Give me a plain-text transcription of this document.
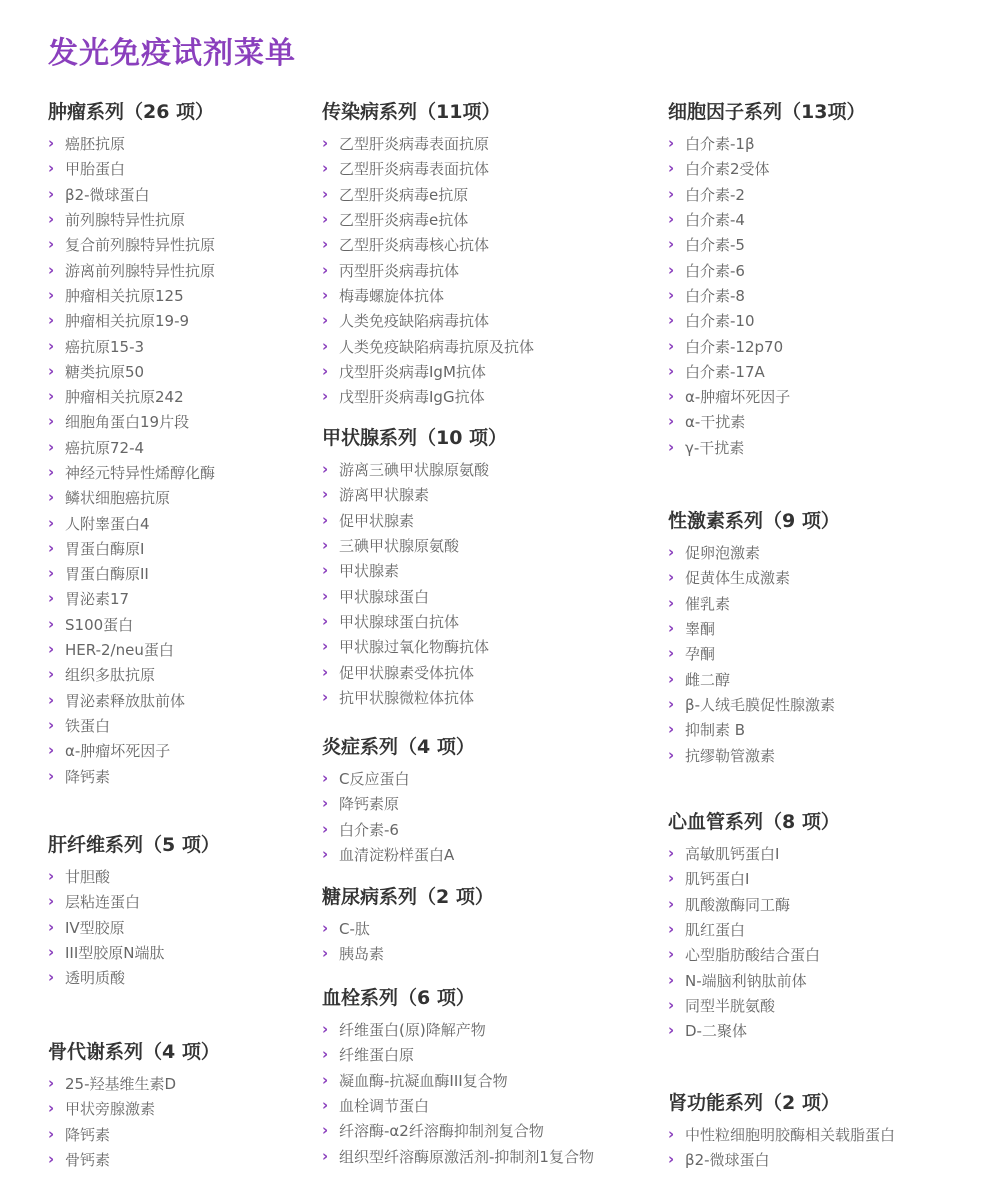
发光免疫试剂菜单
肿瘤系列（26 项）
› 癌胚抗原
› 甲胎蛋白
› β2-微球蛋白
› 前列腺特异性抗原
› 复合前列腺特异性抗原
› 游离前列腺特异性抗原
› 肿瘤相关抗原125
› 肿瘤相关抗原19-9
› 癌抗原15-3
› 糖类抗原50
› 肿瘤相关抗原242
› 细胞角蛋白19片段
› 癌抗原72-4
› 神经元特异性烯醇化酶
› 鳞状细胞癌抗原
› 人附睾蛋白4
› 胃蛋白酶原I
› 胃蛋白酶原II
› 胃泌素17
› S100蛋白
› HER-2/neu蛋白
› 组织多肽抗原
› 胃泌素释放肽前体
› 铁蛋白
› α-肿瘤坏死因子
› 降钙素
肝纤维系列（5 项）
› 甘胆酸
› 层粘连蛋白
› IV型胶原
› III型胶原N端肽
› 透明质酸
骨代谢系列（4 项）
› 25-羟基维生素D
› 甲状旁腺激素
› 降钙素
› 骨钙素
传染病系列（11项）
› 乙型肝炎病毒表面抗原
› 乙型肝炎病毒表面抗体
› 乙型肝炎病毒e抗原
› 乙型肝炎病毒e抗体
› 乙型肝炎病毒核心抗体
› 丙型肝炎病毒抗体
› 梅毒螺旋体抗体
› 人类免疫缺陷病毒抗体
› 人类免疫缺陷病毒抗原及抗体
› 戊型肝炎病毒IgM抗体
› 戊型肝炎病毒IgG抗体
甲状腺系列（10 项）
› 游离三碘甲状腺原氨酸
› 游离甲状腺素
› 促甲状腺素
› 三碘甲状腺原氨酸
› 甲状腺素
› 甲状腺球蛋白
› 甲状腺球蛋白抗体
› 甲状腺过氧化物酶抗体
› 促甲状腺素受体抗体
› 抗甲状腺微粒体抗体
炎症系列（4 项）
› C反应蛋白
› 降钙素原
› 白介素-6
› 血清淀粉样蛋白A
糖尿病系列（2 项）
› C-肽
› 胰岛素
血栓系列（6 项）
› 纤维蛋白(原)降解产物
› 纤维蛋白原
› 凝血酶-抗凝血酶III复合物
› 血栓调节蛋白
› 纤溶酶-α2纤溶酶抑制剂复合物
› 组织型纤溶酶原激活剂-抑制剂1复合物
细胞因子系列（13项）
› 白介素-1β
› 白介素2受体
› 白介素-2
› 白介素-4
› 白介素-5
› 白介素-6
› 白介素-8
› 白介素-10
› 白介素-12p70
› 白介素-17A
› α-肿瘤坏死因子
› α-干扰素
› γ-干扰素
性激素系列（9 项）
› 促卵泡激素
› 促黄体生成激素
› 催乳素
› 睾酮
› 孕酮
› 雌二醇
› β-人绒毛膜促性腺激素
› 抑制素 B
› 抗缪勒管激素
心血管系列（8 项）
› 高敏肌钙蛋白I
› 肌钙蛋白I
› 肌酸激酶同工酶
› 肌红蛋白
› 心型脂肪酸结合蛋白
› N-端脑利钠肽前体
› 同型半胱氨酸
› D-二聚体
肾功能系列（2 项）
› 中性粒细胞明胶酶相关载脂蛋白
› β2-微球蛋白
